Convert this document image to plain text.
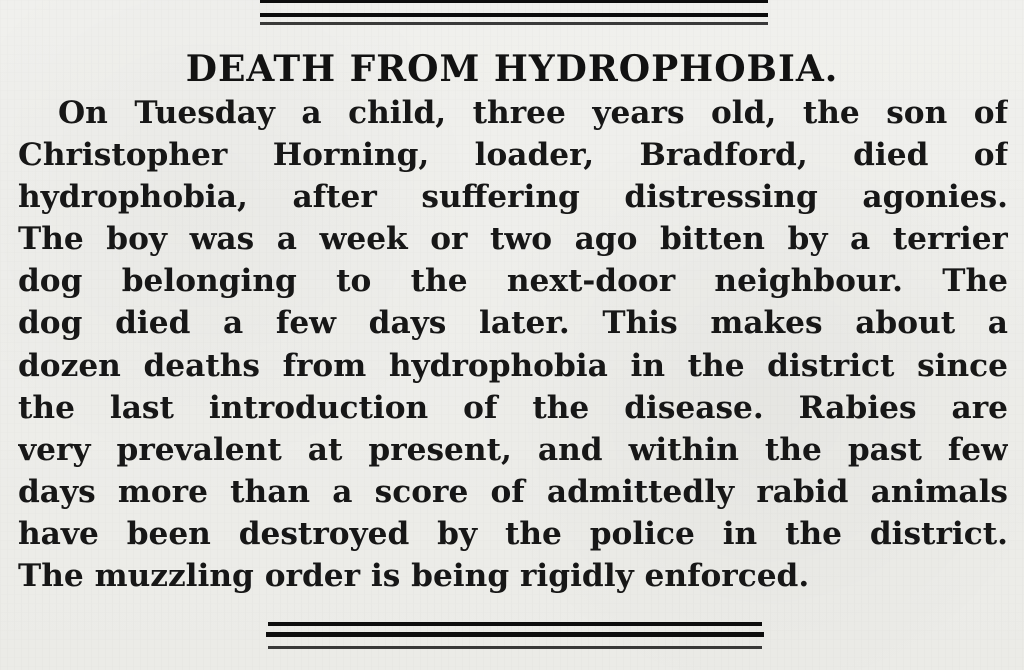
DEATH FROM HYDROPHOBIA.
On Tuesday a child, three years old, the son of
Christopher Horning, loader, Bradford, died of
hydrophobia, after suffering distressing agonies.
The boy was a week or two ago bitten by a terrier
dog belonging to the next-door neighbour. The
dog died a few days later. This makes about a
dozen deaths from hydrophobia in the district since
the last introduction of the disease. Rabies are
very prevalent at present, and within the past few
days more than a score of admittedly rabid animals
have been destroyed by the police in the district.
The muzzling order is being rigidly enforced.
